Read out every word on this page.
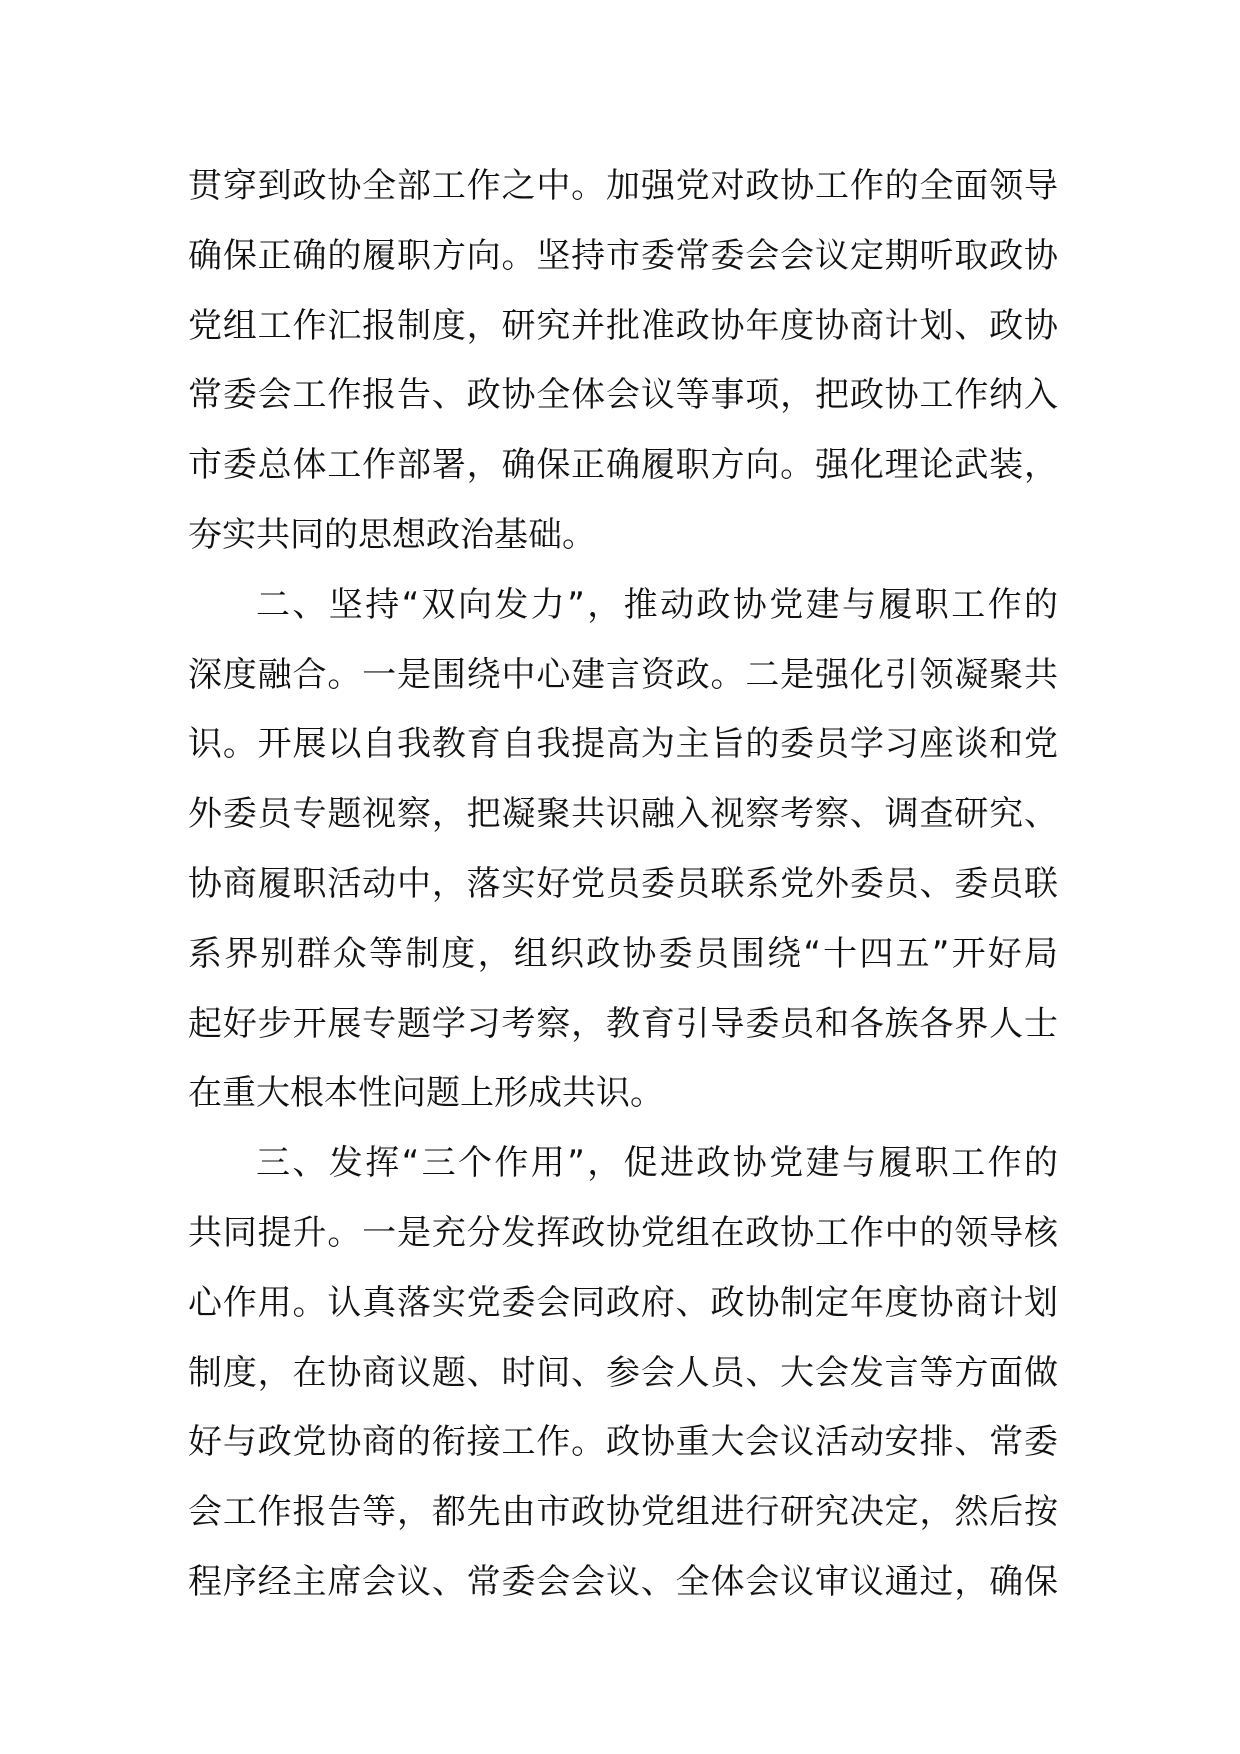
贯穿到政协全部工作之中。加强党对政协工作的全面领导
确保正确的履职方向。坚持市委常委会会议定期听取政协
党组工作汇报制度，研究并批准政协年度协商计划、政协
常委会工作报告、政协全体会议等事项，把政协工作纳入
市委总体工作部署，确保正确履职方向。强化理论武装，
夯实共同的思想政治基础。
二、坚持“双向发力”，推动政协党建与履职工作的
深度融合。一是围绕中心建言资政。二是强化引领凝聚共
识。开展以自我教育自我提高为主旨的委员学习座谈和党
外委员专题视察，把凝聚共识融入视察考察、调查研究、
协商履职活动中，落实好党员委员联系党外委员、委员联
系界别群众等制度，组织政协委员围绕“十四五”开好局
起好步开展专题学习考察，教育引导委员和各族各界人士
在重大根本性问题上形成共识。
三、发挥“三个作用”，促进政协党建与履职工作的
共同提升。一是充分发挥政协党组在政协工作中的领导核
心作用。认真落实党委会同政府、政协制定年度协商计划
制度，在协商议题、时间、参会人员、大会发言等方面做
好与政党协商的衔接工作。政协重大会议活动安排、常委
会工作报告等，都先由市政协党组进行研究决定，然后按
程序经主席会议、常委会会议、全体会议审议通过，确保
